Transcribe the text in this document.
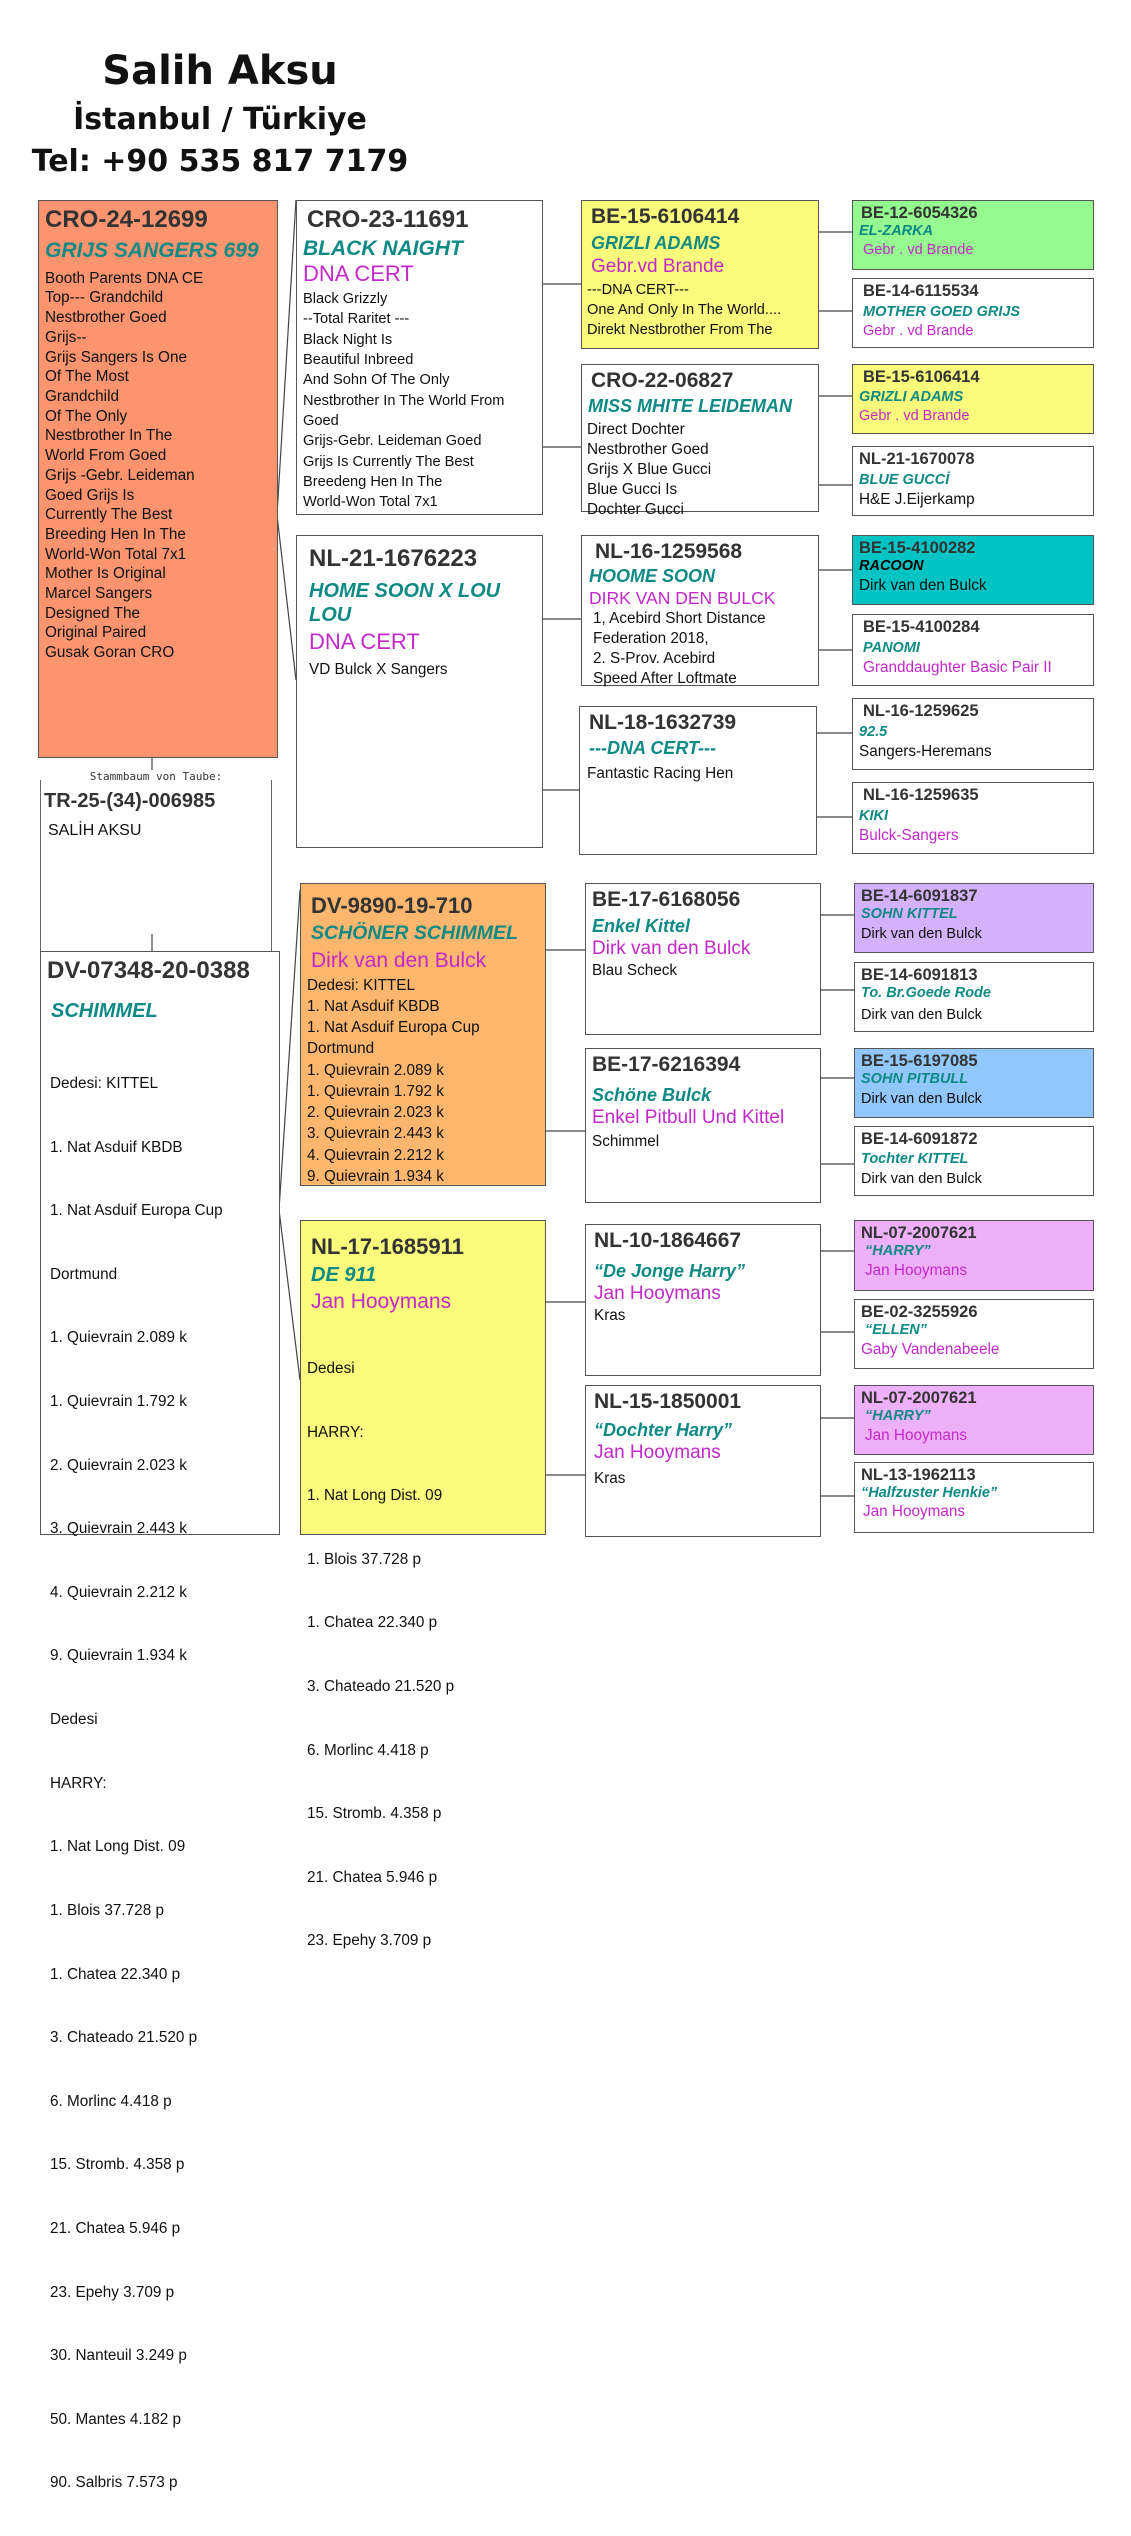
Salih Aksu
İstanbul / Türkiye
Tel: +90 535 817 7179
CRO-24-12699
GRIJS SANGERS 699
Booth Parents DNA CE
Top--- Grandchild
Nestbrother Goed
Grijs--
Grijs Sangers Is One
Of The Most
Grandchild
Of The Only
Nestbrother In The
World From Goed
Grijs -Gebr. Leideman
Goed Grijs Is
Currently The Best
Breeding Hen In The
World-Won Total 7x1
Mother Is Original
Marcel Sangers
Designed The
Original Paired
Gusak Goran CRO
Stammbaum von Taube:
TR-25-(34)-006985
SALİH AKSU
DV-07348-20-0388
SCHIMMEL

Dedesi: KITTEL

1. Nat Asduif KBDB

1. Nat Asduif Europa Cup

Dortmund

1. Quievrain 2.089 k

1. Quievrain 1.792 k

2. Quievrain 2.023 k

3. Quievrain 2.443 k

4. Quievrain 2.212 k

9. Quievrain 1.934 k

Dedesi

HARRY:

1. Nat Long Dist. 09

1. Blois 37.728 p

1. Chatea 22.340 p

3. Chateado 21.520 p

6. Morlinc 4.418 p

15. Stromb. 4.358 p

21. Chatea 5.946 p

23. Epehy 3.709 p

30. Nanteuil 3.249 p

50. Mantes 4.182 p

90. Salbris 7.573 p

CRO-23-11691
BLACK NAIGHT
DNA CERT
Black Grizzly
--Total Raritet ---
Black Night Is
Beautiful Inbreed
And Sohn Of The Only
Nestbrother In The World From
Goed
Grijs-Gebr. Leideman Goed
Grijs Is Currently The Best
Breedeng Hen In The
World-Won Total 7x1
NL-21-1676223
HOME SOON X LOU LOU
DNA CERT
VD Bulck X Sangers
DV-9890-19-710
SCHÖNER SCHIMMEL
Dirk van den Bulck
Dedesi: KITTEL
1. Nat Asduif KBDB
1. Nat Asduif Europa Cup
Dortmund
1. Quievrain 2.089 k
1. Quievrain 1.792 k
2. Quievrain 2.023 k
3. Quievrain 2.443 k
4. Quievrain 2.212 k
9. Quievrain 1.934 k
NL-17-1685911
DE 911
Jan Hooymans

Dedesi

HARRY:

1. Nat Long Dist. 09

1. Blois 37.728 p

1. Chatea 22.340 p

3. Chateado 21.520 p

6. Morlinc 4.418 p

15. Stromb. 4.358 p

21. Chatea 5.946 p

23. Epehy 3.709 p

BE-15-6106414
GRIZLI ADAMS
Gebr.vd Brande
---DNA CERT---
One And Only In The World....
Direkt Nestbrother From The
CRO-22-06827
MISS MHITE LEIDEMAN
Direct Dochter
Nestbrother Goed
Grijs X Blue Gucci
Blue Gucci Is
Dochter Gucci
NL-16-1259568
HOOME SOON
DIRK VAN DEN BULCK
1, Acebird Short Distance
Federation 2018,
2. S-Prov. Acebird
Speed After Loftmate
NL-18-1632739
---DNA CERT---
Fantastic Racing Hen
BE-17-6168056
Enkel Kittel
Dirk van den Bulck
Blau Scheck
BE-17-6216394
Schöne Bulck
Enkel Pitbull Und Kittel
Schimmel
NL-10-1864667
“De Jonge Harry”
Jan Hooymans
Kras
NL-15-1850001
“Dochter Harry”
Jan Hooymans
Kras
BE-12-6054326
EL-ZARKA
Gebr . vd Brande
BE-14-6115534
MOTHER GOED GRIJS
Gebr . vd Brande
BE-15-6106414
GRIZLI ADAMS
Gebr . vd Brande
NL-21-1670078
BLUE GUCCİ
H&E J.Eijerkamp
BE-15-4100282
RACOON
Dirk van den Bulck
BE-15-4100284
PANOMI
Granddaughter Basic Pair II
NL-16-1259625
92.5
Sangers-Heremans
NL-16-1259635
KIKI
Bulck-Sangers
BE-14-6091837
SOHN KITTEL
Dirk van den Bulck
BE-14-6091813
To. Br.Goede Rode
Dirk van den Bulck
BE-15-6197085
SOHN PITBULL
Dirk van den Bulck
BE-14-6091872
Tochter KITTEL
Dirk van den Bulck
NL-07-2007621
“HARRY”
Jan Hooymans
BE-02-3255926
“ELLEN”
Gaby Vandenabeele
NL-07-2007621
“HARRY”
Jan Hooymans
NL-13-1962113
“Halfzuster Henkie”
Jan Hooymans
